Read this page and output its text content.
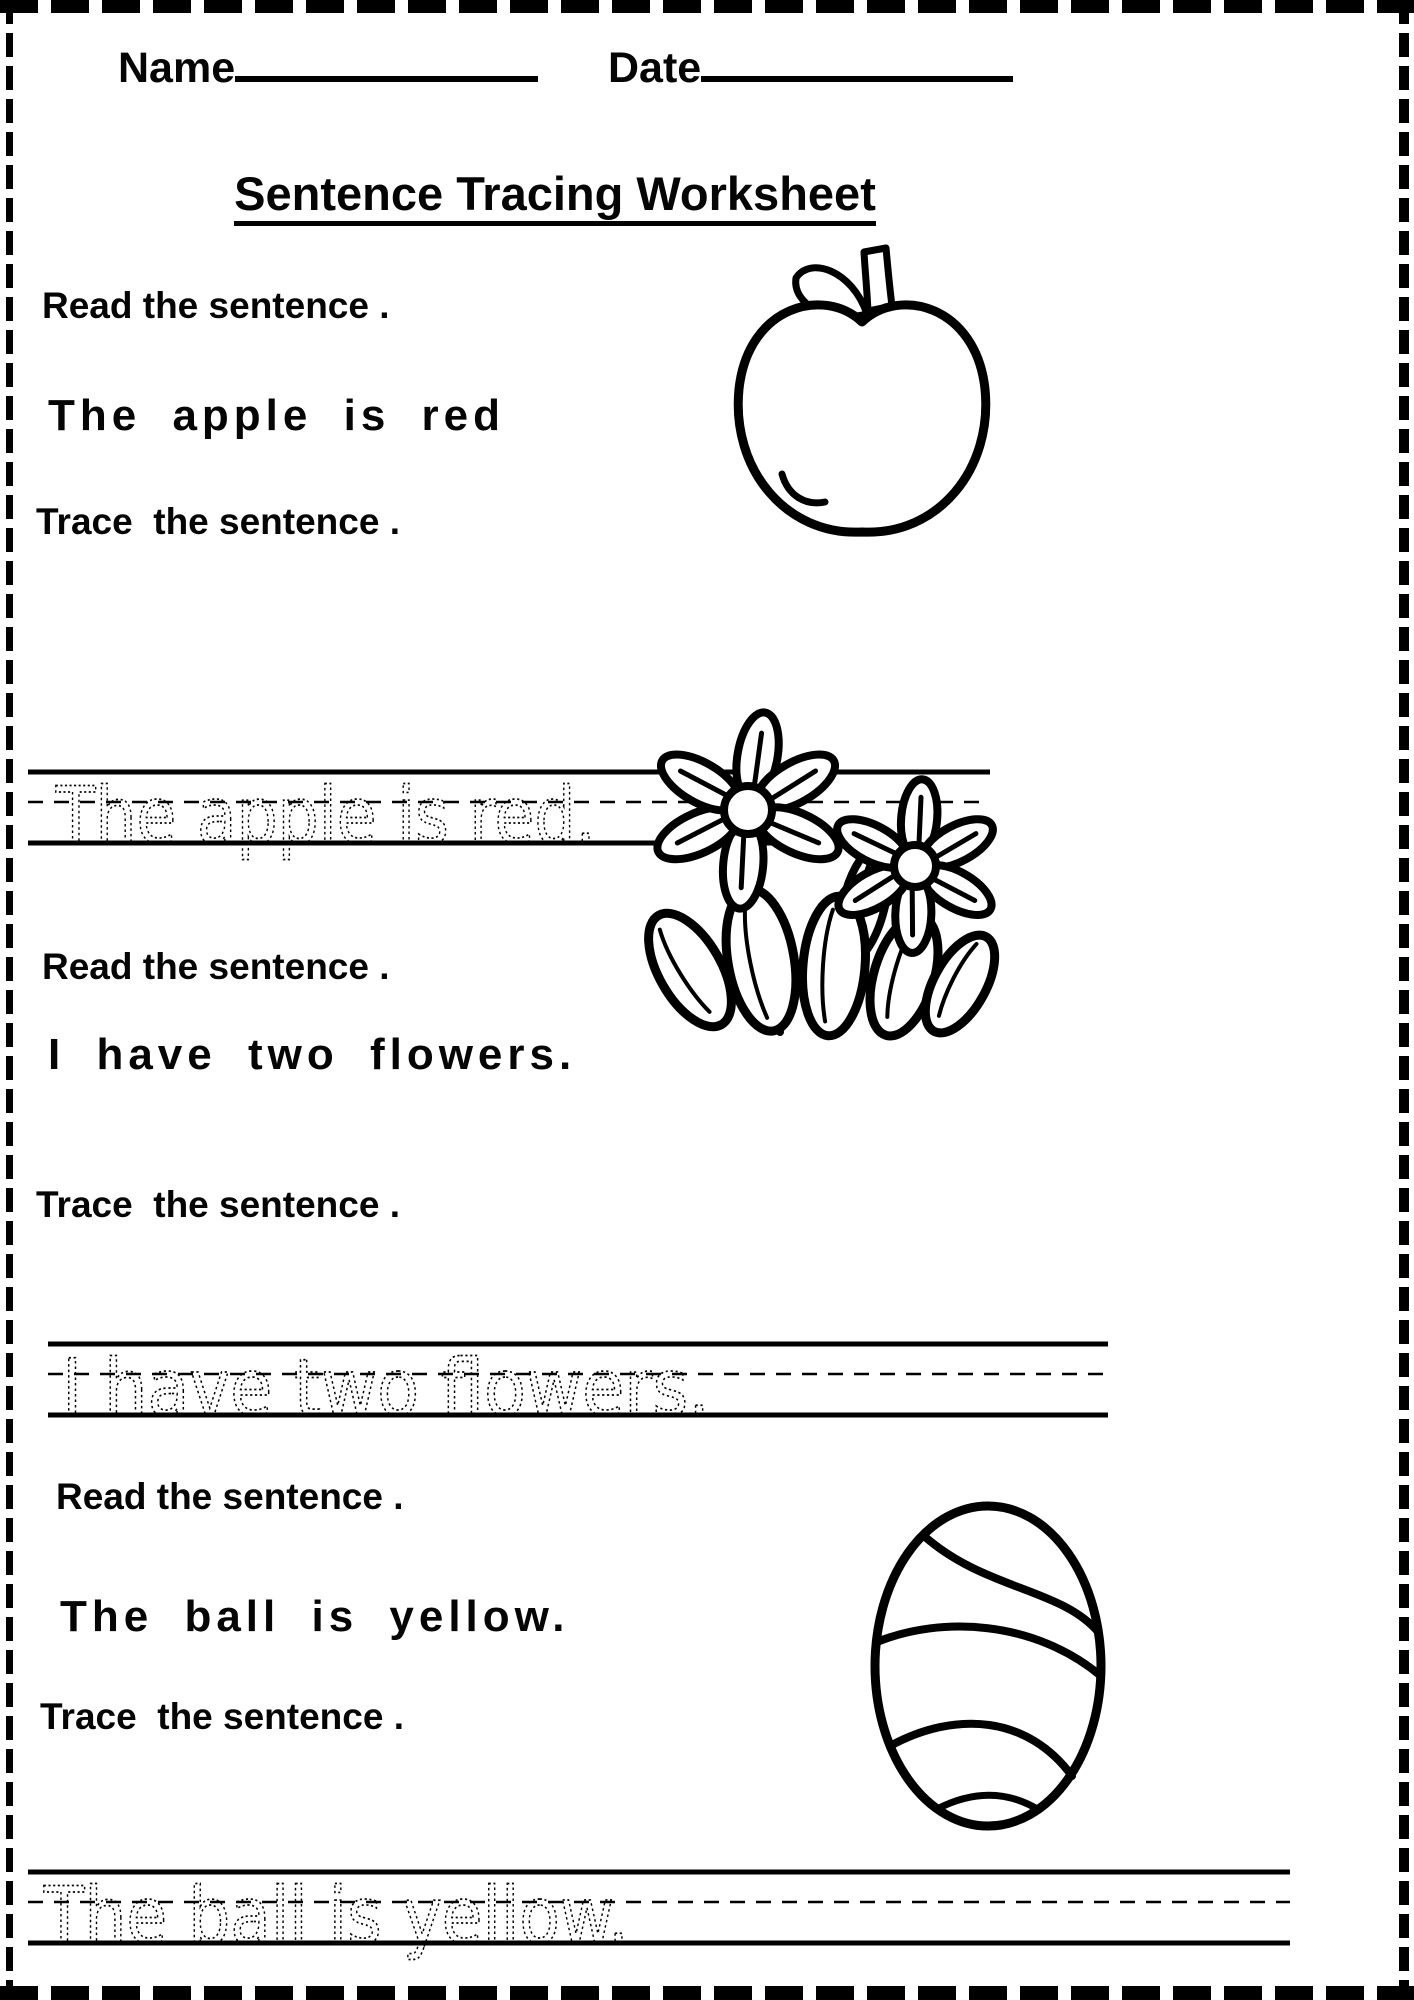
Name	Date
Sentence Tracing Worksheet
Read the sentence .
The apple is red
Trace  the sentence .
The apple is red.
Read the sentence .
I have two flowers.
Trace  the sentence .
I have two flowers.
Read the sentence .
The ball is yellow.
Trace  the sentence .
The ball is yellow.
